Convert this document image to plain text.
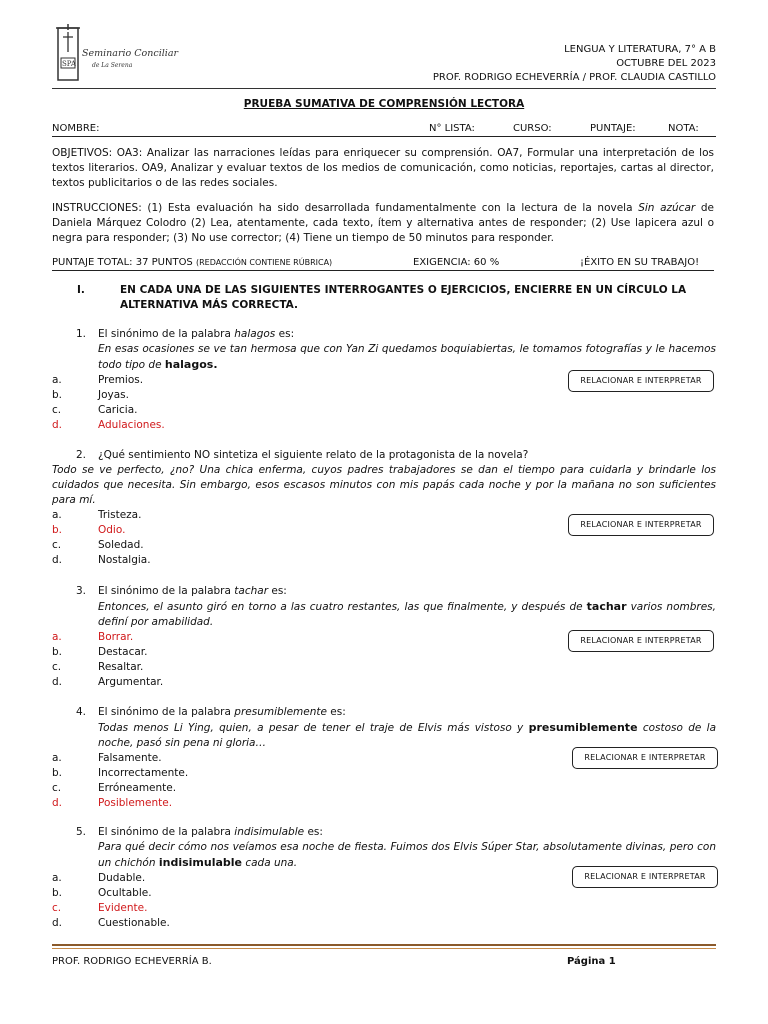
SPA
Seminario Conciliar
de La Serena
LENGUA Y LITERATURA, 7° A B
OCTUBRE DEL 2023
PROF. RODRIGO ECHEVERRÍA / PROF. CLAUDIA CASTILLO
PRUEBA SUMATIVA DE COMPRENSIÓN LECTORA
NOMBRE:	N° LISTA:	CURSO:	PUNTAJE:	NOTA:
OBJETIVOS: OA3: Analizar las narraciones leídas para enriquecer su comprensión. OA7, Formular una interpretación de los textos literarios. OA9, Analizar y evaluar textos de los medios de comunicación, como noticias, reportajes, cartas al director, textos publicitarios o de las redes sociales.
INSTRUCCIONES: (1) Esta evaluación ha sido desarrollada fundamentalmente con la lectura de la novela Sin azúcar de Daniela Márquez Colodro (2) Lea, atentamente, cada texto, ítem y alternativa antes de responder; (2) Use lapicera azul o negra para responder; (3) No use corrector; (4) Tiene un tiempo de 50 minutos para responder.
PUNTAJE TOTAL: 37 PUNTOS (REDACCIÓN CONTIENE RÚBRICA)	EXIGENCIA: 60 %	¡ÉXITO EN SU TRABAJO!
I.	EN CADA UNA DE LAS SIGUIENTES INTERROGANTES O EJERCICIOS, ENCIERRE EN UN CÍRCULO LA ALTERNATIVA MÁS CORRECTA.
1. El sinónimo de la palabra halagos es:
En esas ocasiones se ve tan hermosa que con Yan Zi quedamos boquiabiertas, le tomamos fotografías y le hacemos todo tipo de halagos.
a.	Premios.
b.	Joyas.
c.	Caricia.
d.	Adulaciones.
RELACIONAR E INTERPRETAR
2. ¿Qué sentimiento NO sintetiza el siguiente relato de la protagonista de la novela?
Todo se ve perfecto, ¿no? Una chica enferma, cuyos padres trabajadores se dan el tiempo para cuidarla y brindarle los cuidados que necesita. Sin embargo, esos escasos minutos con mis papás cada noche y por la mañana no son suficientes para mí.
a.	Tristeza.
b.	Odio.
c.	Soledad.
d.	Nostalgia.
RELACIONAR E INTERPRETAR
3. El sinónimo de la palabra tachar es:
Entonces, el asunto giró en torno a las cuatro restantes, las que finalmente, y después de tachar varios nombres, definí por amabilidad.
a.	Borrar.
b.	Destacar.
c.	Resaltar.
d.	Argumentar.
RELACIONAR E INTERPRETAR
4. El sinónimo de la palabra presumiblemente es:
Todas menos Li Ying, quien, a pesar de tener el traje de Elvis más vistoso y presumiblemente costoso de la noche, pasó sin pena ni gloria…
a.	Falsamente.
b.	Incorrectamente.
c.	Erróneamente.
d.	Posiblemente.
RELACIONAR E INTERPRETAR
5. El sinónimo de la palabra indisimulable es:
Para qué decir cómo nos veíamos esa noche de fiesta. Fuimos dos Elvis Súper Star, absolutamente divinas, pero con un chichón indisimulable cada una.
a.	Dudable.
b.	Ocultable.
c.	Evidente.
d.	Cuestionable.
RELACIONAR E INTERPRETAR
PROF. RODRIGO ECHEVERRÍA B.	Página 1
